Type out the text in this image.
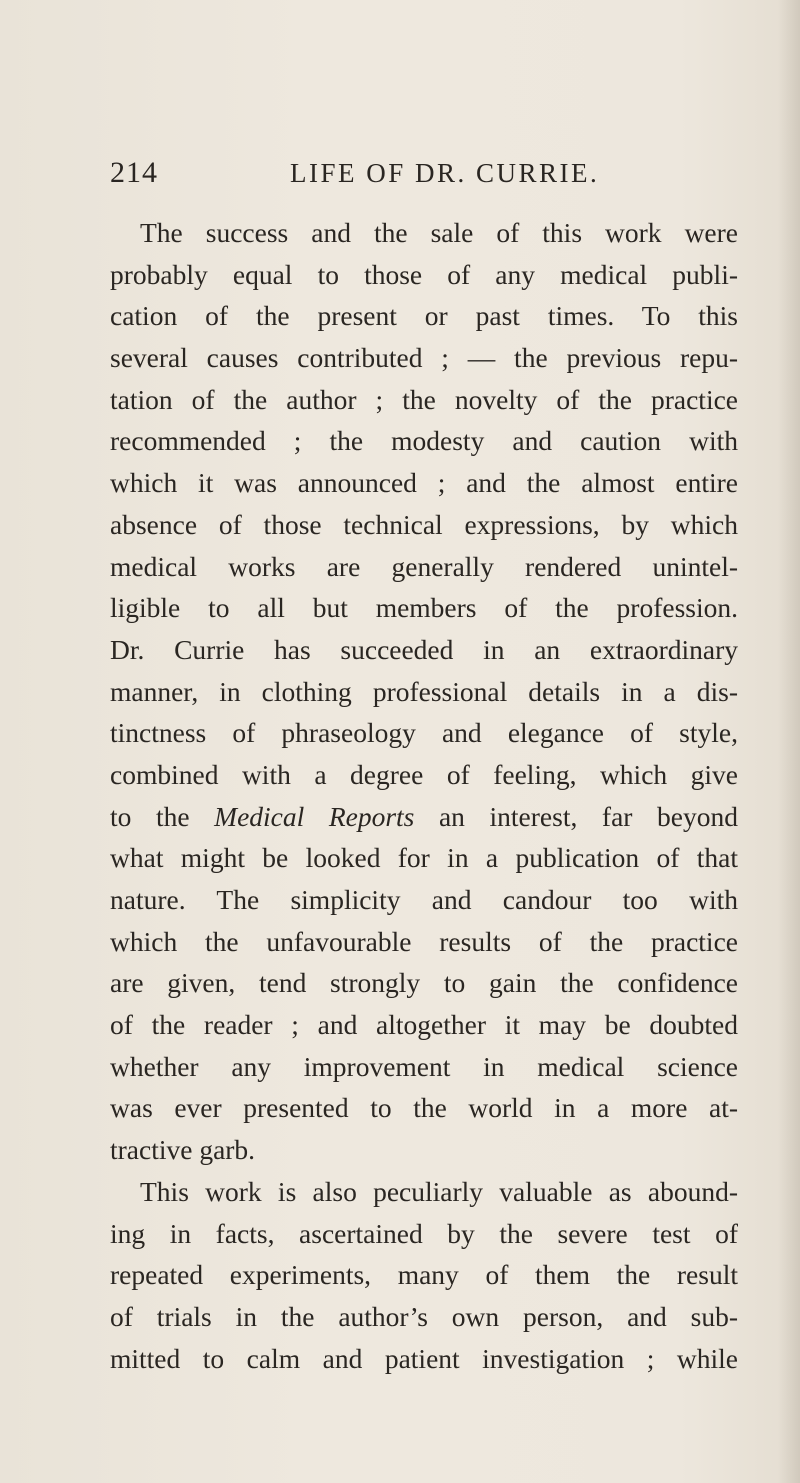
214	LIFE OF DR. CURRIE.
The success and the sale of this work were
probably equal to those of any medical publi-
cation of the present or past times. To this
several causes contributed ; — the previous repu-
tation of the author ; the novelty of the practice
recommended ; the modesty and caution with
which it was announced ; and the almost entire
absence of those technical expressions, by which
medical works are generally rendered unintel-
ligible to all but members of the profession.
Dr. Currie has succeeded in an extraordinary
manner, in clothing professional details in a dis-
tinctness of phraseology and elegance of style,
combined with a degree of feeling, which give
to the Medical Reports an interest, far beyond
what might be looked for in a publication of that
nature. The simplicity and candour too with
which the unfavourable results of the practice
are given, tend strongly to gain the confidence
of the reader ; and altogether it may be doubted
whether any improvement in medical science
was ever presented to the world in a more at-
tractive garb.
This work is also peculiarly valuable as abound-
ing in facts, ascertained by the severe test of
repeated experiments, many of them the result
of trials in the author’s own person, and sub-
mitted to calm and patient investigation ; while
